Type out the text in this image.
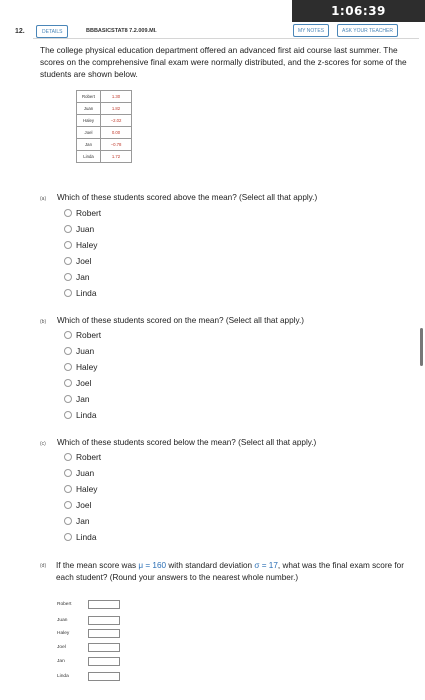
1:06:39
12.	DETAILS	BBBASICSTAT8 7.2.009.MI.	MY NOTES	ASK YOUR TEACHER
The college physical education department offered an advanced first aid course last summer. The scores on the comprehensive final exam were normally distributed, and the z-scores for some of the students are shown below.
Robert	1.30
Juan	1.82
Haley	−2.02
Joel	0.00
Jan	−0.78
Linda	1.72
(a) Which of these students scored above the mean? (Select all that apply.)
Robert
Juan
Haley
Joel
Jan
Linda
(b) Which of these students scored on the mean? (Select all that apply.)
Robert
Juan
Haley
Joel
Jan
Linda
(c) Which of these students scored below the mean? (Select all that apply.)
Robert
Juan
Haley
Joel
Jan
Linda
(d) If the mean score was μ = 160 with standard deviation σ = 17, what was the final exam score for each student? (Round your answers to the nearest whole number.)
Robert
Juan
Haley
Joel
Jan
Linda
